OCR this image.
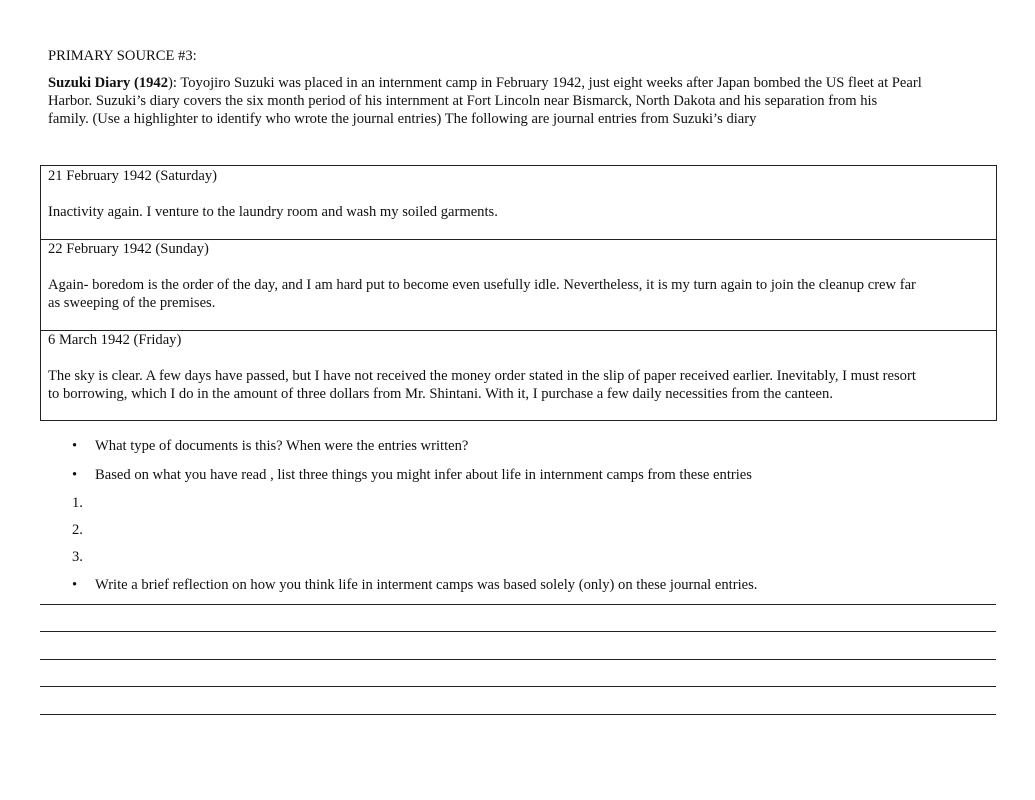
PRIMARY SOURCE #3:
Suzuki Diary (1942): Toyojiro Suzuki was placed in an internment camp in February 1942, just eight weeks after Japan bombed the US fleet at Pearl
Harbor. Suzuki’s diary covers the six month period of his internment at Fort Lincoln near Bismarck, North Dakota and his separation from his
family. (Use a highlighter to identify who wrote the journal entries) The following are journal entries from Suzuki’s diary
21 February 1942 (Saturday)
Inactivity again. I venture to the laundry room and wash my soiled garments.
22 February 1942 (Sunday)
Again- boredom is the order of the day, and I am hard put to become even usefully idle. Nevertheless, it is my turn again to join the cleanup crew far
as sweeping of the premises.
6 March 1942 (Friday)
The sky is clear. A few days have passed, but I have not received the money order stated in the slip of paper received earlier. Inevitably, I must resort
to borrowing, which I do in the amount of three dollars from Mr. Shintani. With it, I purchase a few daily necessities from the canteen.
• What type of documents is this? When were the entries written?
• Based on what you have read , list three things you might infer about life in internment camps from these entries
1.
2.
3.
• Write a brief reflection on how you think life in interment camps was based solely (only) on these journal entries.
